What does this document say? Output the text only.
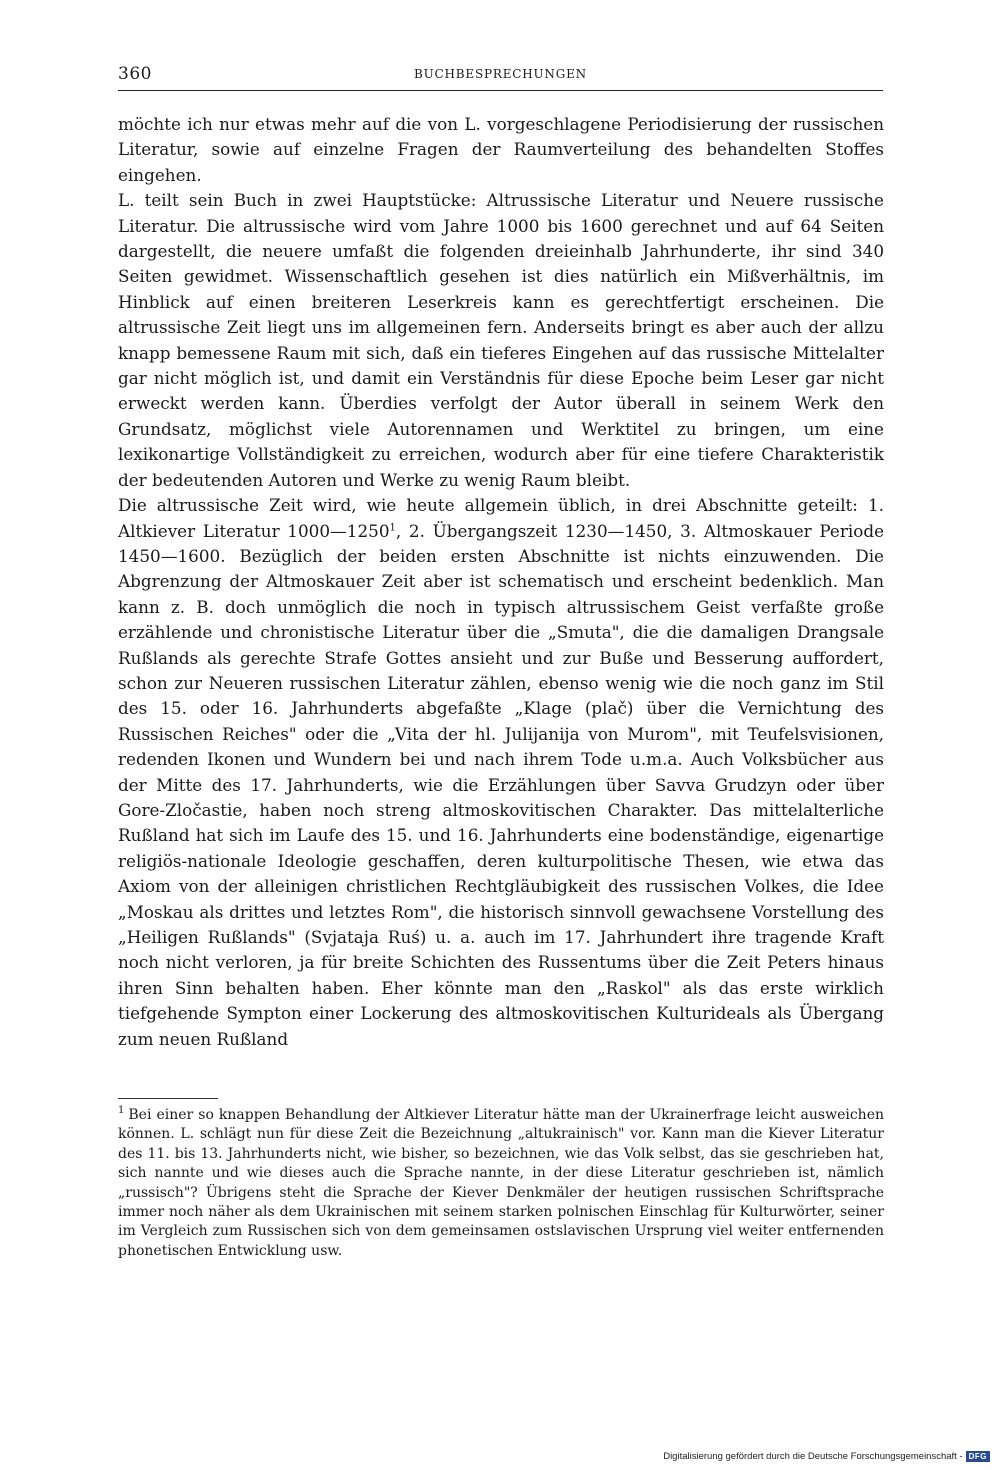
360	BUCHBESPRECHUNGEN

möchte ich nur etwas mehr auf die von L. vorgeschlagene Periodisierung der russischen Literatur, sowie auf einzelne Fragen der Raumverteilung des behandelten Stoffes eingehen.

L. teilt sein Buch in zwei Hauptstücke: Altrussische Literatur und Neuere russische Literatur. Die altrussische wird vom Jahre 1000 bis 1600 gerechnet und auf 64 Seiten dargestellt, die neuere umfaßt die folgenden dreieinhalb Jahrhunderte, ihr sind 340 Seiten gewidmet. Wissenschaftlich gesehen ist dies natürlich ein Mißverhältnis, im Hinblick auf einen breiteren Leserkreis kann es gerechtfertigt erscheinen. Die altrussische Zeit liegt uns im allgemeinen fern. Anderseits bringt es aber auch der allzu knapp bemessene Raum mit sich, daß ein tieferes Eingehen auf das russische Mittelalter gar nicht möglich ist, und damit ein Verständnis für diese Epoche beim Leser gar nicht erweckt werden kann. Überdies verfolgt der Autor überall in seinem Werk den Grundsatz, möglichst viele Autorennamen und Werktitel zu bringen, um eine lexikonartige Vollständigkeit zu erreichen, wodurch aber für eine tiefere Charakteristik der bedeutenden Autoren und Werke zu wenig Raum bleibt.

Die altrussische Zeit wird, wie heute allgemein üblich, in drei Abschnitte geteilt: 1. Altkiever Literatur 1000—1250$^1$, 2. Übergangszeit 1230—1450, 3. Altmoskauer Periode 1450—1600. Bezüglich der beiden ersten Abschnitte ist nichts einzuwenden. Die Abgrenzung der Altmoskauer Zeit aber ist schematisch und erscheint bedenklich. Man kann z. B. doch unmöglich die noch in typisch altrussischem Geist verfaßte große erzählende und chronistische Literatur über die „Smuta", die die damaligen Drangsale Rußlands als gerechte Strafe Gottes ansieht und zur Buße und Besserung auffordert, schon zur Neueren russischen Literatur zählen, ebenso wenig wie die noch ganz im Stil des 15. oder 16. Jahrhunderts abgefaßte „Klage (plač) über die Vernichtung des Russischen Reiches" oder die „Vita der hl. Julijanija von Murom", mit Teufelsvisionen, redenden Ikonen und Wundern bei und nach ihrem Tode u.m.a. Auch Volksbücher aus der Mitte des 17. Jahrhunderts, wie die Erzählungen über Savva Grudzyn oder über Gore-Zločastie, haben noch streng altmoskovitischen Charakter. Das mittelalterliche Rußland hat sich im Laufe des 15. und 16. Jahrhunderts eine bodenständige, eigenartige religiös-nationale Ideologie geschaffen, deren kulturpolitische Thesen, wie etwa das Axiom von der alleinigen christlichen Rechtgläubigkeit des russischen Volkes, die Idee „Moskau als drittes und letztes Rom", die historisch sinnvoll gewachsene Vorstellung des „Heiligen Rußlands" (Svjataja Ruś) u. a. auch im 17. Jahrhundert ihre tragende Kraft noch nicht verloren, ja für breite Schichten des Russentums über die Zeit Peters hinaus ihren Sinn behalten haben. Eher könnte man den „Raskol" als das erste wirklich tiefgehende Sympton einer Lockerung des altmoskovitischen Kulturideals als Übergang zum neuen Rußland

$^1$ Bei einer so knappen Behandlung der Altkiever Literatur hätte man der Ukrainerfrage leicht ausweichen können. L. schlägt nun für diese Zeit die Bezeichnung „altukrainisch" vor. Kann man die Kiever Literatur des 11. bis 13. Jahrhunderts nicht, wie bisher, so bezeichnen, wie das Volk selbst, das sie geschrieben hat, sich nannte und wie dieses auch die Sprache nannte, in der diese Literatur geschrieben ist, nämlich „russisch"? Übrigens steht die Sprache der Kiever Denkmäler der heutigen russischen Schriftsprache immer noch näher als dem Ukrainischen mit seinem starken polnischen Einschlag für Kulturwörter, seiner im Vergleich zum Russischen sich von dem gemeinsamen ostslavischen Ursprung viel weiter entfernenden phonetischen Entwicklung usw.

Digitalisierung gefördert durch die Deutsche Forschungsgemeinschaft - DFG
